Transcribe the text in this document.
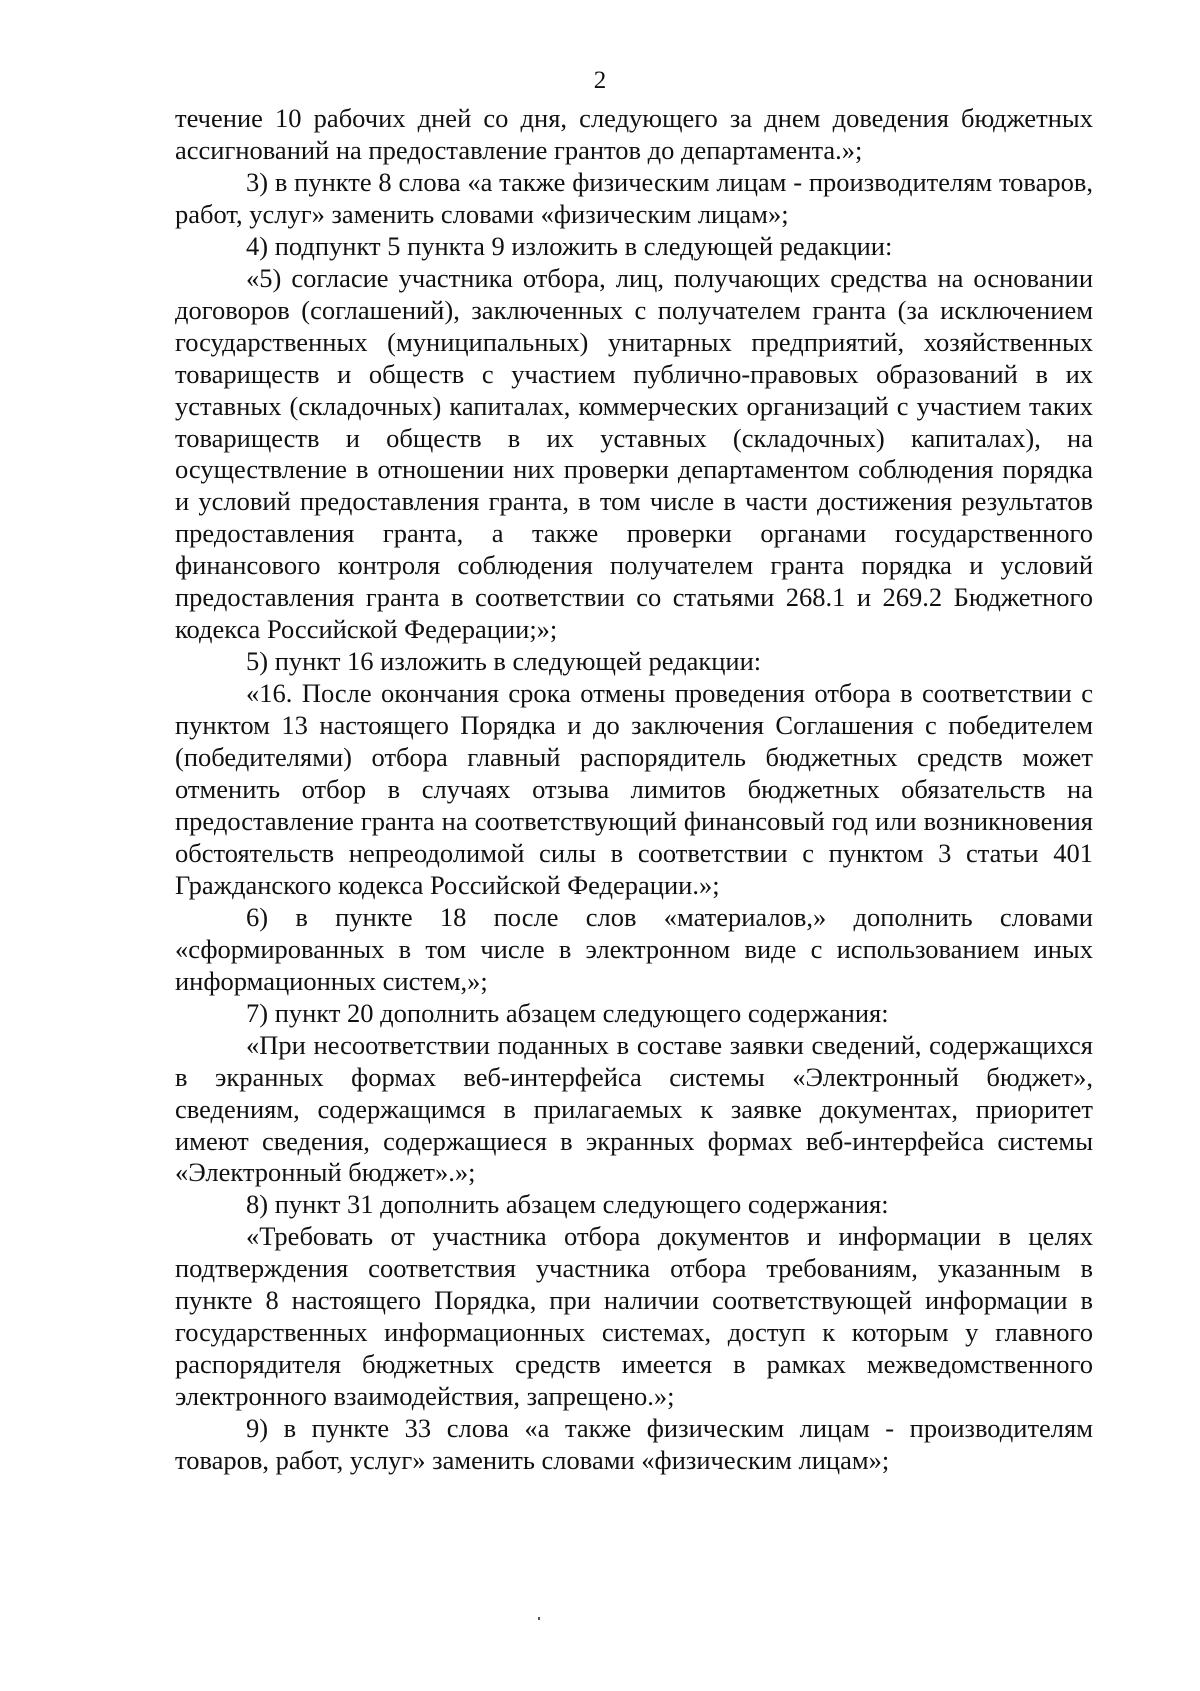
2

течение 10 рабочих дней со дня, следующего за днем доведения бюджетных ассигнований на предоставление грантов до департамента.»;

3) в пункте 8 слова «а также физическим лицам - производителям товаров, работ, услуг» заменить словами «физическим лицам»;

4) подпункт 5 пункта 9 изложить в следующей редакции:

«5) согласие участника отбора, лиц, получающих средства на основании договоров (соглашений), заключенных с получателем гранта (за исключением государственных (муниципальных) унитарных предприятий, хозяйственных товариществ и обществ с участием публично-правовых образований в их уставных (складочных) капиталах, коммерческих организаций с участием таких товариществ и обществ в их уставных (складочных) капиталах), на осуществление в отношении них проверки департаментом соблюдения порядка и условий предоставления гранта, в том числе в части достижения результатов предоставления гранта, а также проверки органами государственного финансового контроля соблюдения получателем гранта порядка и условий предоставления гранта в соответствии со статьями 268.1 и 269.2 Бюджетного кодекса Российской Федерации;»;

5) пункт 16 изложить в следующей редакции:

«16. После окончания срока отмены проведения отбора в соответствии с пунктом 13 настоящего Порядка и до заключения Соглашения с победителем (победителями) отбора главный распорядитель бюджетных средств может отменить отбор в случаях отзыва лимитов бюджетных обязательств на предоставление гранта на соответствующий финансовый год или возникновения обстоятельств непреодолимой силы в соответствии с пунктом 3 статьи 401 Гражданского кодекса Российской Федерации.»;

6) в пункте 18 после слов «материалов,» дополнить словами «сформированных в том числе в электронном виде с использованием иных информационных систем,»;

7) пункт 20 дополнить абзацем следующего содержания:

«При несоответствии поданных в составе заявки сведений, содержащихся в экранных формах веб-интерфейса системы «Электронный бюджет», сведениям, содержащимся в прилагаемых к заявке документах, приоритет имеют сведения, содержащиеся в экранных формах веб-интерфейса системы «Электронный бюджет».»;

8) пункт 31 дополнить абзацем следующего содержания:

«Требовать от участника отбора документов и информации в целях подтверждения соответствия участника отбора требованиям, указанным в пункте 8 настоящего Порядка, при наличии соответствующей информации в государственных информационных системах, доступ к которым у главного распорядителя бюджетных средств имеется в рамках межведомственного электронного взаимодействия, запрещено.»;

9) в пункте 33 слова «а также физическим лицам - производителям товаров, работ, услуг» заменить словами «физическим лицам»;
